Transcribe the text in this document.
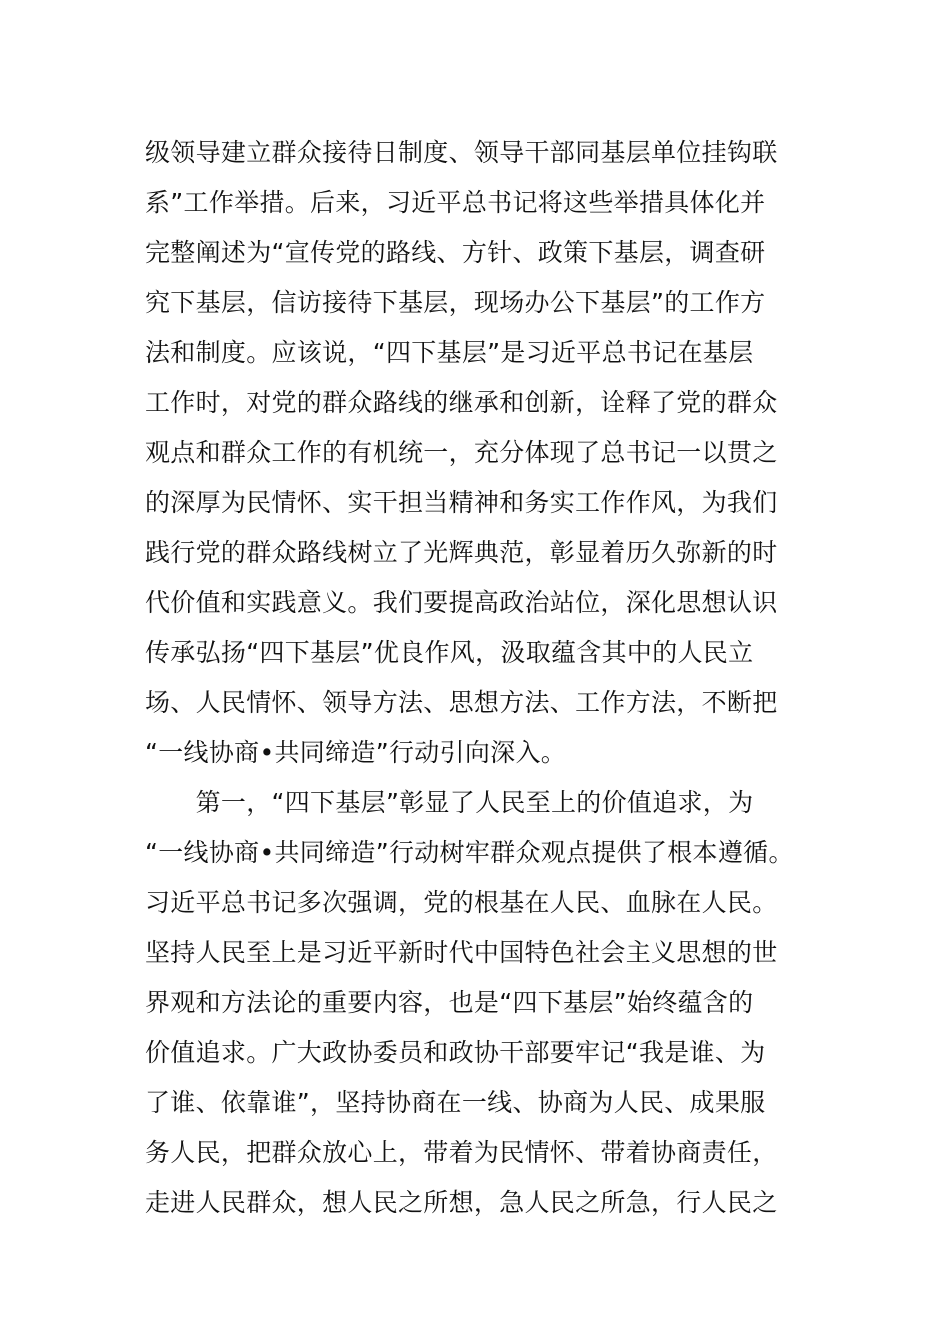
级领导建立群众接待日制度、领导干部同基层单位挂钩联
系”工作举措。后来，习近平总书记将这些举措具体化并
完整阐述为“宣传党的路线、方针、政策下基层，调查研
究下基层，信访接待下基层，现场办公下基层”的工作方
法和制度。应该说，“四下基层”是习近平总书记在基层
工作时，对党的群众路线的继承和创新，诠释了党的群众
观点和群众工作的有机统一，充分体现了总书记一以贯之
的深厚为民情怀、实干担当精神和务实工作作风，为我们
践行党的群众路线树立了光辉典范，彰显着历久弥新的时
代价值和实践意义。我们要提高政治站位，深化思想认识
传承弘扬“四下基层”优良作风，汲取蕴含其中的人民立
场、人民情怀、领导方法、思想方法、工作方法，不断把
“一线协商•共同缔造”行动引向深入。
　　第一，“四下基层”彰显了人民至上的价值追求，为
“一线协商•共同缔造”行动树牢群众观点提供了根本遵循。
习近平总书记多次强调，党的根基在人民、血脉在人民。
坚持人民至上是习近平新时代中国特色社会主义思想的世
界观和方法论的重要内容，也是“四下基层”始终蕴含的
价值追求。广大政协委员和政协干部要牢记“我是谁、为
了谁、依靠谁”，坚持协商在一线、协商为人民、成果服
务人民，把群众放心上，带着为民情怀、带着协商责任，
走进人民群众，想人民之所想，急人民之所急，行人民之
